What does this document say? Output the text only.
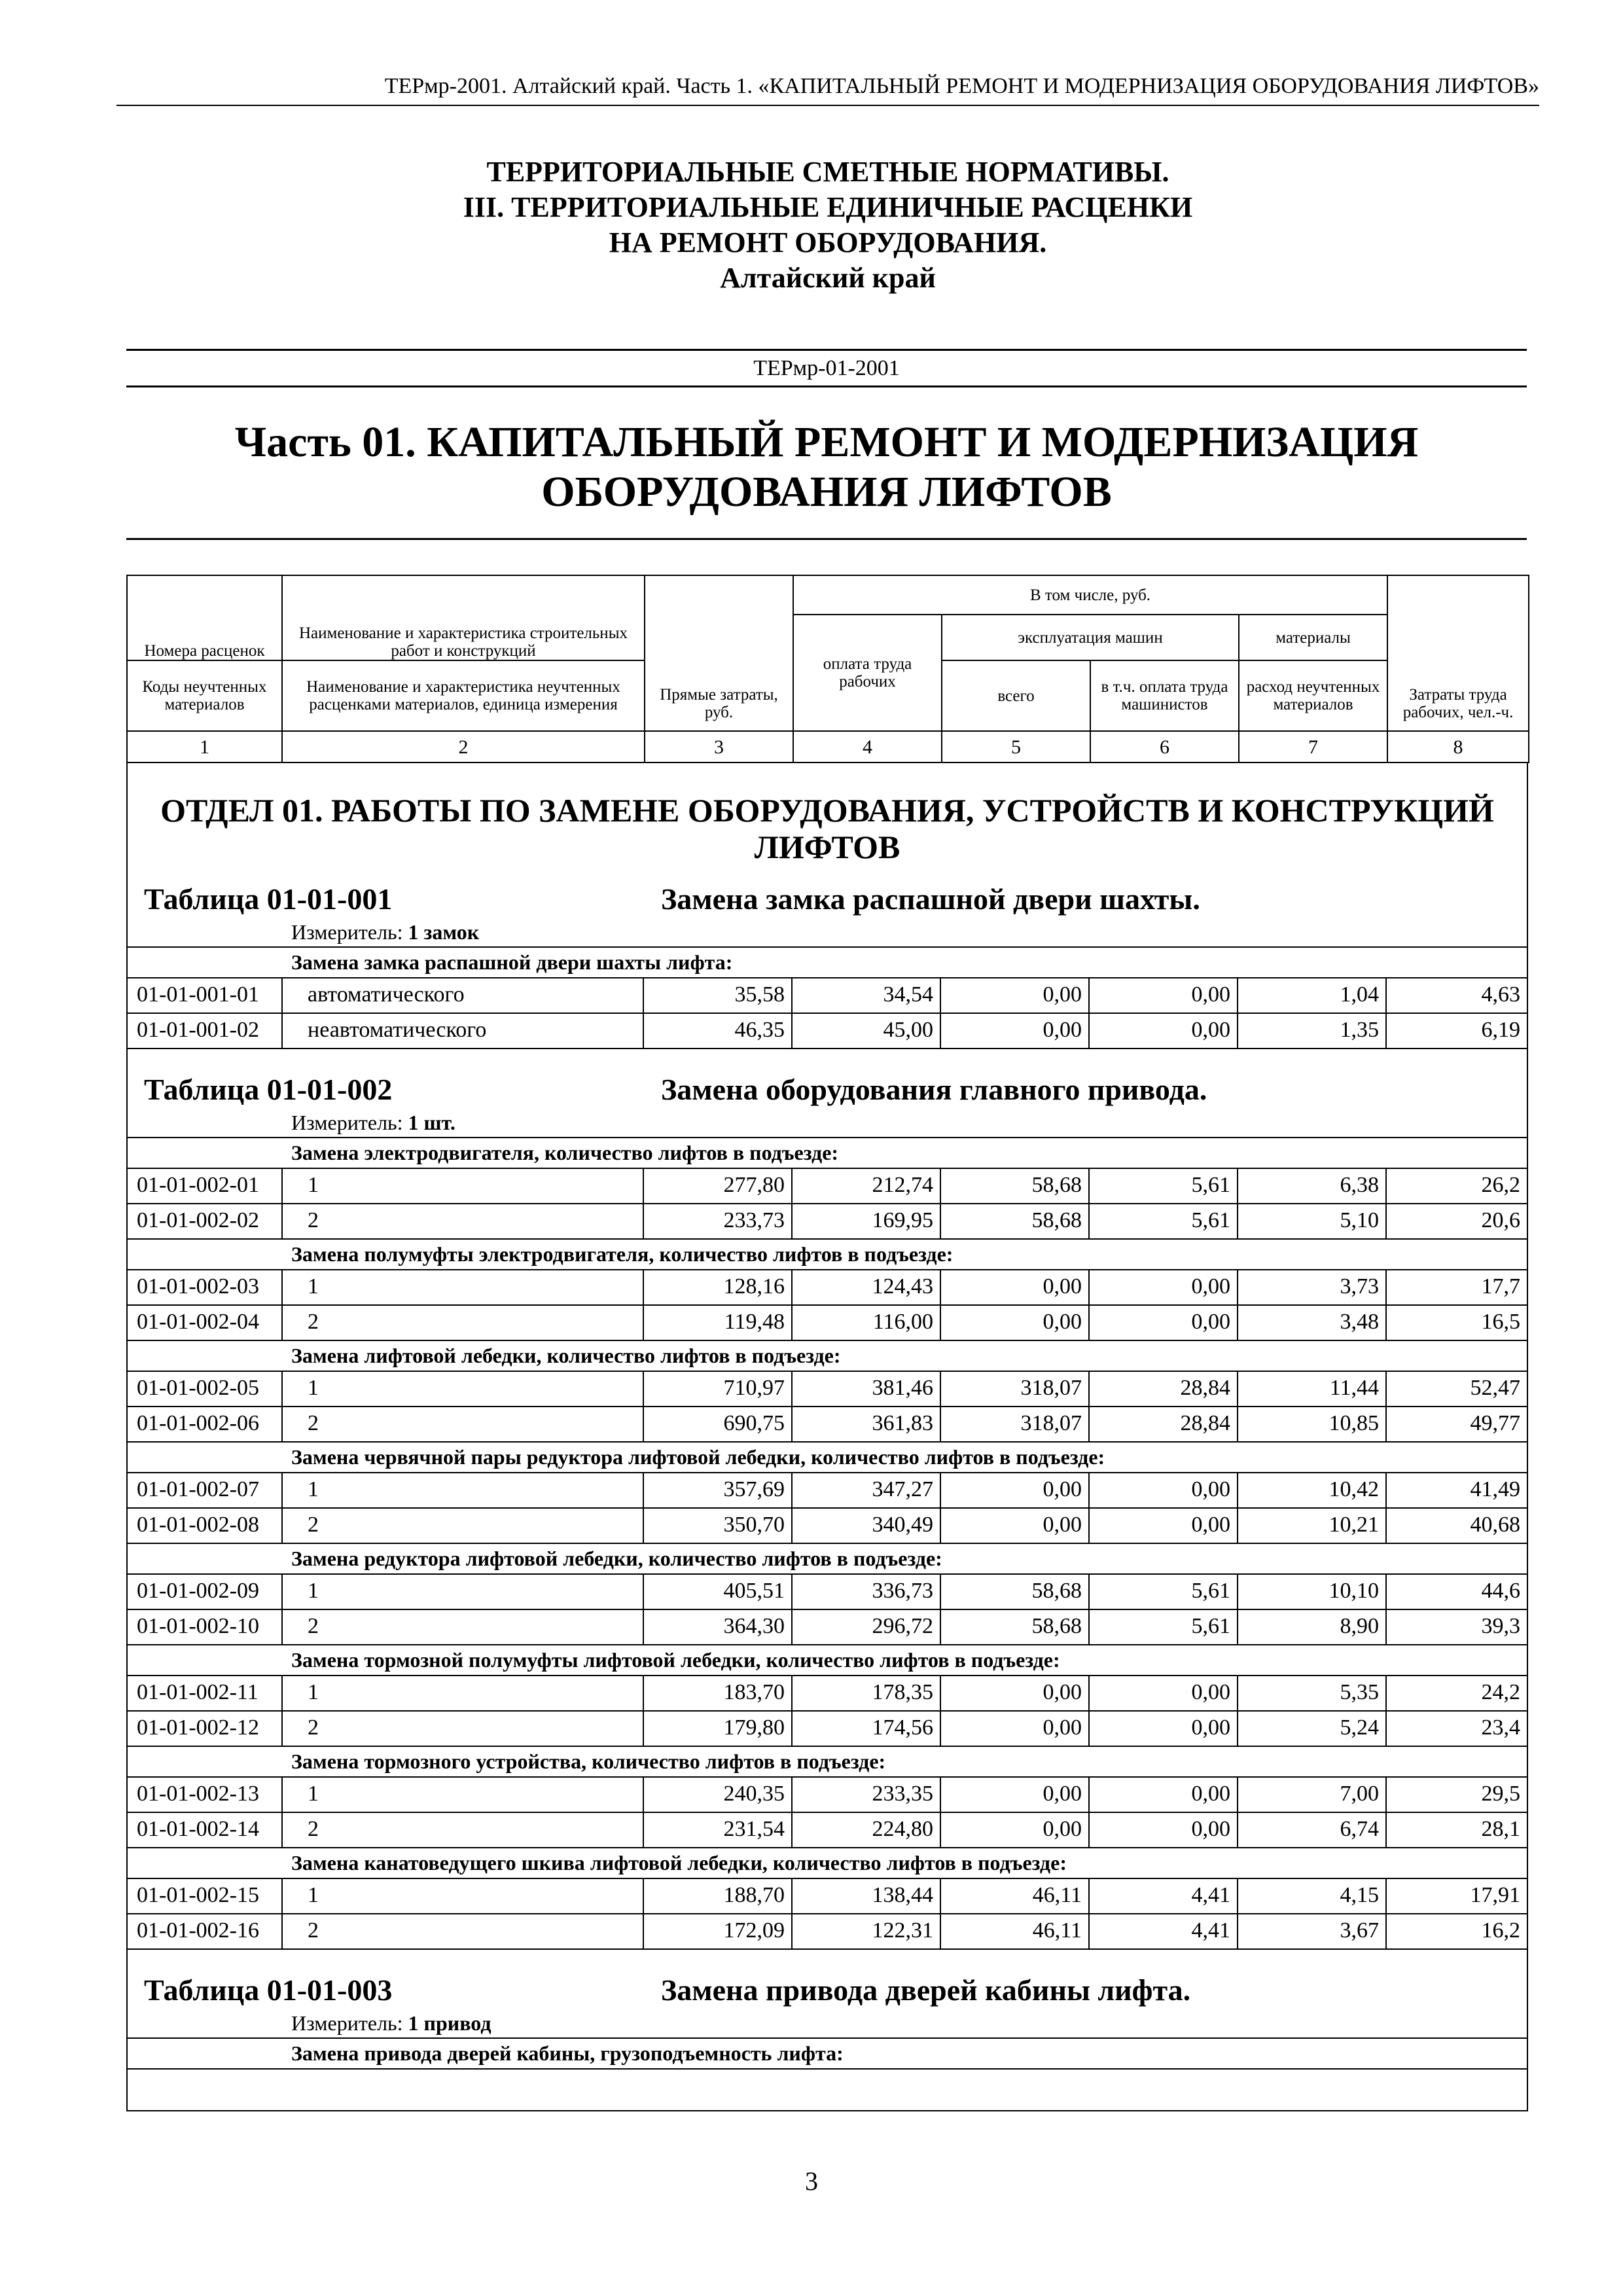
ТЕРмр-2001. Алтайский край. Часть 1. «КАПИТАЛЬНЫЙ РЕМОНТ И МОДЕРНИЗАЦИЯ ОБОРУДОВАНИЯ ЛИФТОВ»
ТЕРРИТОРИАЛЬНЫЕ СМЕТНЫЕ НОРМАТИВЫ.
III. ТЕРРИТОРИАЛЬНЫЕ ЕДИНИЧНЫЕ РАСЦЕНКИ
НА РЕМОНТ ОБОРУДОВАНИЯ.
Алтайский край
ТЕРмр-01-2001
Часть 01. КАПИТАЛЬНЫЙ РЕМОНТ И МОДЕРНИЗАЦИЯ
ОБОРУДОВАНИЯ ЛИФТОВ
Номера расценок	Наименование и характеристика строительных работ и конструкций	Прямые затраты, руб.	В том числе, руб.				Затраты труда рабочих, чел.-ч.
			оплата труда рабочих	эксплуатация машин		материалы	
Коды неучтенных материалов	Наименование и характеристика неучтенных расценками материалов, единица измерения			всего	в т.ч. оплата труда машинистов	расход неучтенных материалов	
1	2	3	4	5	6	7	8
ОТДЕЛ 01. РАБОТЫ ПО ЗАМЕНЕ ОБОРУДОВАНИЯ, УСТРОЙСТВ И КОНСТРУКЦИЙ ЛИФТОВ
Таблица 01-01-001	Замена замка распашной двери шахты.
Измеритель: 1 замок
Замена замка распашной двери шахты лифта:
01-01-001-01	автоматического	35,58	34,54	0,00	0,00	1,04	4,63
01-01-001-02	неавтоматического	46,35	45,00	0,00	0,00	1,35	6,19
Таблица 01-01-002	Замена оборудования главного привода.
Измеритель: 1 шт.
Замена электродвигателя, количество лифтов в подъезде:
01-01-002-01	1	277,80	212,74	58,68	5,61	6,38	26,2
01-01-002-02	2	233,73	169,95	58,68	5,61	5,10	20,6
Замена полумуфты электродвигателя, количество лифтов в подъезде:
01-01-002-03	1	128,16	124,43	0,00	0,00	3,73	17,7
01-01-002-04	2	119,48	116,00	0,00	0,00	3,48	16,5
Замена лифтовой лебедки, количество лифтов в подъезде:
01-01-002-05	1	710,97	381,46	318,07	28,84	11,44	52,47
01-01-002-06	2	690,75	361,83	318,07	28,84	10,85	49,77
Замена червячной пары редуктора лифтовой лебедки, количество лифтов в подъезде:
01-01-002-07	1	357,69	347,27	0,00	0,00	10,42	41,49
01-01-002-08	2	350,70	340,49	0,00	0,00	10,21	40,68
Замена редуктора лифтовой лебедки, количество лифтов в подъезде:
01-01-002-09	1	405,51	336,73	58,68	5,61	10,10	44,6
01-01-002-10	2	364,30	296,72	58,68	5,61	8,90	39,3
Замена тормозной полумуфты лифтовой лебедки, количество лифтов в подъезде:
01-01-002-11	1	183,70	178,35	0,00	0,00	5,35	24,2
01-01-002-12	2	179,80	174,56	0,00	0,00	5,24	23,4
Замена тормозного устройства, количество лифтов в подъезде:
01-01-002-13	1	240,35	233,35	0,00	0,00	7,00	29,5
01-01-002-14	2	231,54	224,80	0,00	0,00	6,74	28,1
Замена канатоведущего шкива лифтовой лебедки, количество лифтов в подъезде:
01-01-002-15	1	188,70	138,44	46,11	4,41	4,15	17,91
01-01-002-16	2	172,09	122,31	46,11	4,41	3,67	16,2
Таблица 01-01-003	Замена привода дверей кабины лифта.
Измеритель: 1 привод
Замена привода дверей кабины, грузоподъемность лифта:
3
